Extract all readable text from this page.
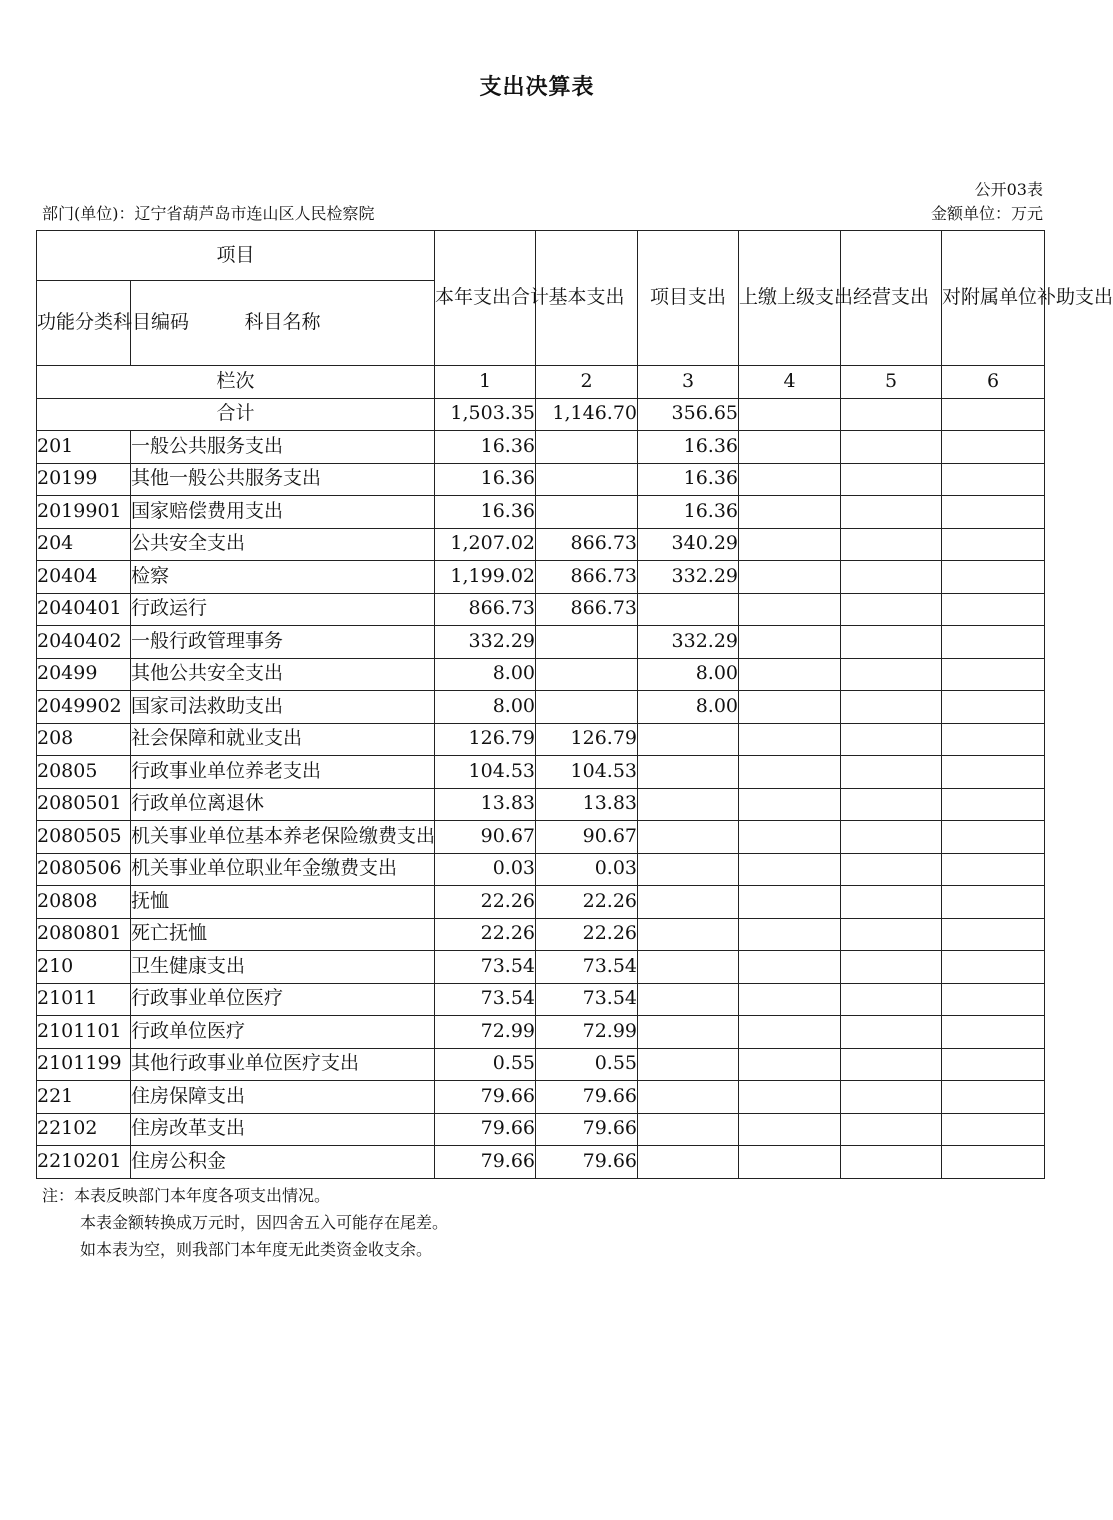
支出决算表
公开03表
部门(单位)：辽宁省葫芦岛市连山区人民检察院	金额单位：万元
项目		本年支出合计	基本支出	项目支出	上缴上级支出	经营支出	对附属单位补助支出
功能分类科目编码	科目名称						
栏次		1	2	3	4	5	6
合计		1,503.35	1,146.70	356.65			
201	一般公共服务支出	16.36		16.36			
20199	其他一般公共服务支出	16.36		16.36			
2019901	国家赔偿费用支出	16.36		16.36			
204	公共安全支出	1,207.02	866.73	340.29			
20404	检察	1,199.02	866.73	332.29			
2040401	行政运行	866.73	866.73				
2040402	一般行政管理事务	332.29		332.29			
20499	其他公共安全支出	8.00		8.00			
2049902	国家司法救助支出	8.00		8.00			
208	社会保障和就业支出	126.79	126.79				
20805	行政事业单位养老支出	104.53	104.53				
2080501	行政单位离退休	13.83	13.83				
2080505	机关事业单位基本养老保险缴费支出	90.67	90.67				
2080506	机关事业单位职业年金缴费支出	0.03	0.03				
20808	抚恤	22.26	22.26				
2080801	死亡抚恤	22.26	22.26				
210	卫生健康支出	73.54	73.54				
21011	行政事业单位医疗	73.54	73.54				
2101101	行政单位医疗	72.99	72.99				
2101199	其他行政事业单位医疗支出	0.55	0.55				
221	住房保障支出	79.66	79.66				
22102	住房改革支出	79.66	79.66				
2210201	住房公积金	79.66	79.66				
注：本表反映部门本年度各项支出情况。
本表金额转换成万元时，因四舍五入可能存在尾差。
如本表为空，则我部门本年度无此类资金收支余。
